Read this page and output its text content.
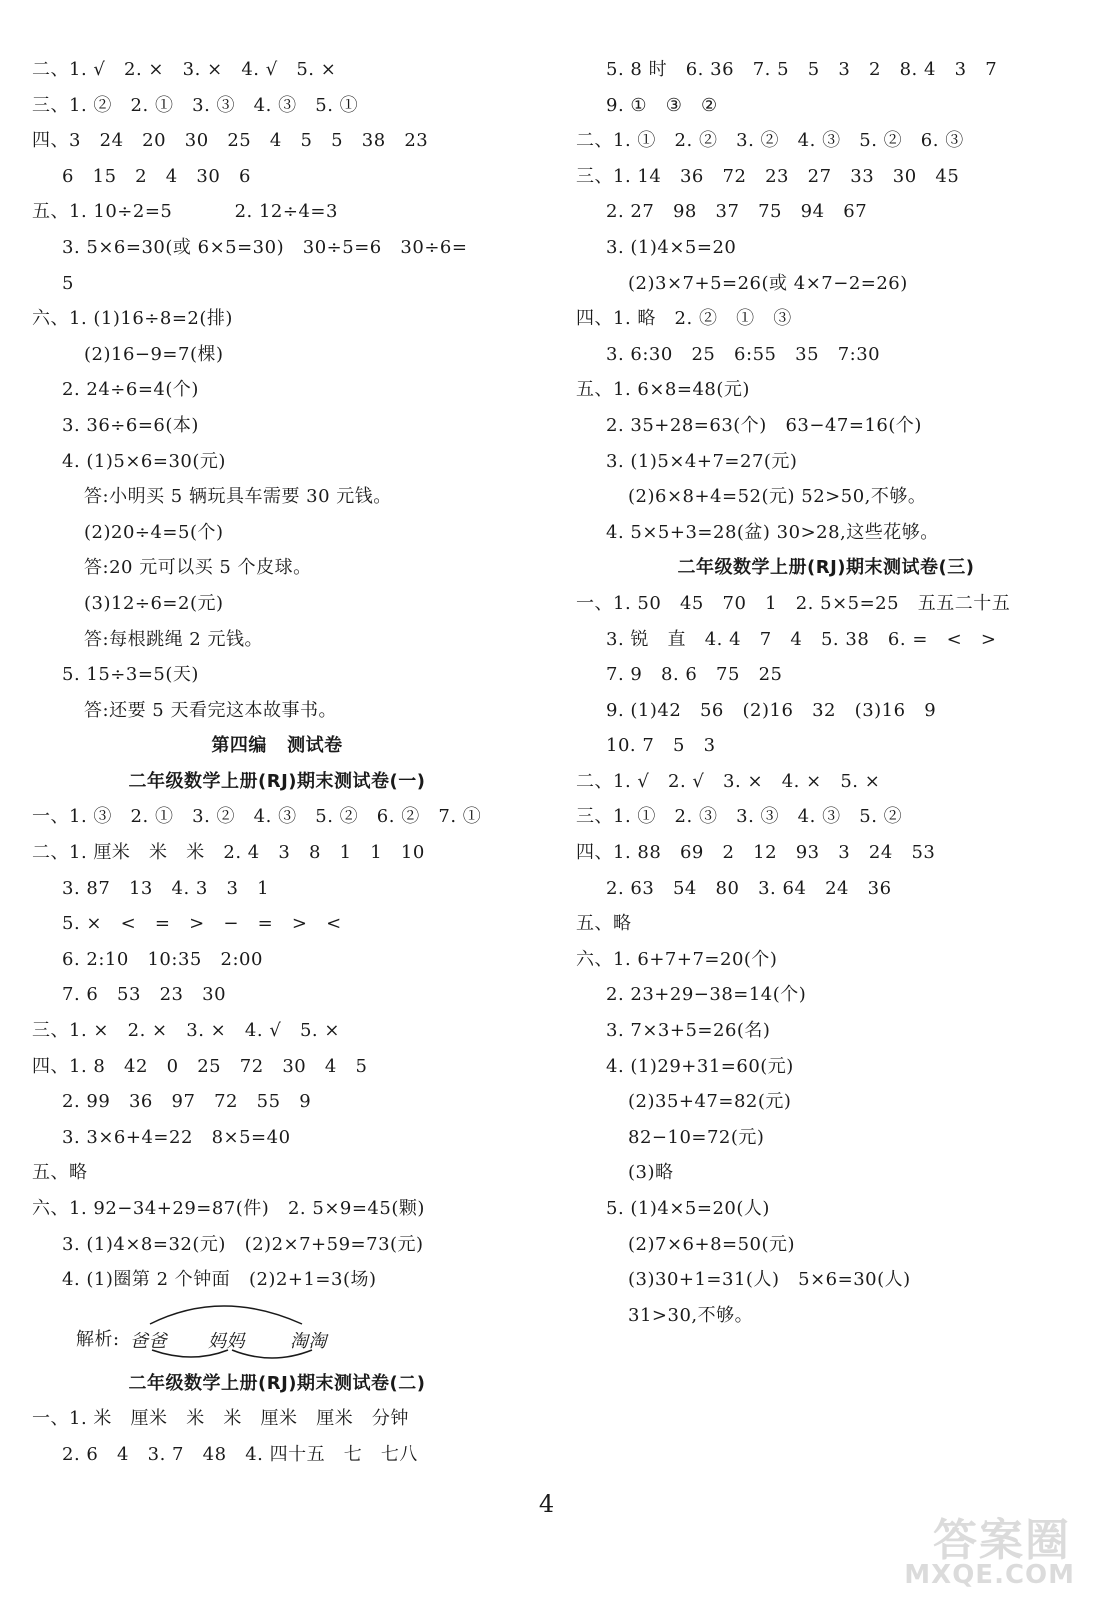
二、1. √   2. ×   3. ×   4. √   5. ×
三、1. ②   2. ①   3. ③   4. ③   5. ①
四、3   24   20   30   25   4   5   5   38   23
6   15   2   4   30   6
五、1. 10÷2=5          2. 12÷4=3
3. 5×6=30(或 6×5=30)   30÷5=6   30÷6=
5
六、1. (1)16÷8=2(排)
(2)16−9=7(棵)
2. 24÷6=4(个)
3. 36÷6=6(本)
4. (1)5×6=30(元)
答:小明买 5 辆玩具车需要 30 元钱。
(2)20÷4=5(个)
答:20 元可以买 5 个皮球。
(3)12÷6=2(元)
答:每根跳绳 2 元钱。
5. 15÷3=5(天)
答:还要 5 天看完这本故事书。
第四编   测试卷
二年级数学上册(RJ)期末测试卷(一)
一、1. ③   2. ①   3. ②   4. ③   5. ②   6. ②   7. ①
二、1. 厘米   米   米   2. 4   3   8   1   1   10
3. 87   13   4. 3   3   1
5. ×   <   =   >   −   =   >   <
6. 2:10   10:35   2:00
7. 6   53   23   30
三、1. ×   2. ×   3. ×   4. √   5. ×
四、1. 8   42   0   25   72   30   4   5
2. 99   36   97   72   55   9
3. 3×6+4=22   8×5=40
五、略
六、1. 92−34+29=87(件)   2. 5×9=45(颗)
3. (1)4×8=32(元)   (2)2×7+59=73(元)
4. (1)圈第 2 个钟面   (2)2+1=3(场)
解析: 爸爸 妈妈	淘淘
二年级数学上册(RJ)期末测试卷(二)
一、1. 米   厘米   米   米   厘米   厘米   分钟
2. 6   4   3. 7   48   4. 四十五   七   七八
5. 8 时   6. 36   7. 5   5   3   2   8. 4   3   7
9. ①   ③   ②
二、1. ①   2. ②   3. ②   4. ③   5. ②   6. ③
三、1. 14   36   72   23   27   33   30   45
2. 27   98   37   75   94   67
3. (1)4×5=20
(2)3×7+5=26(或 4×7−2=26)
四、1. 略   2. ②   ①   ③
3. 6:30   25   6:55   35   7:30
五、1. 6×8=48(元)
2. 35+28=63(个)   63−47=16(个)
3. (1)5×4+7=27(元)
(2)6×8+4=52(元) 52>50,不够。
4. 5×5+3=28(盆) 30>28,这些花够。
二年级数学上册(RJ)期末测试卷(三)
一、1. 50   45   70   1   2. 5×5=25   五五二十五
3. 锐   直   4. 4   7   4   5. 38   6. =   <   >
7. 9   8. 6   75   25
9. (1)42   56   (2)16   32   (3)16   9
10. 7   5   3
二、1. √   2. √   3. ×   4. ×   5. ×
三、1. ①   2. ③   3. ③   4. ③   5. ②
四、1. 88   69   2   12   93   3   24   53
2. 63   54   80   3. 64   24   36
五、略
六、1. 6+7+7=20(个)
2. 23+29−38=14(个)
3. 7×3+5=26(名)
4. (1)29+31=60(元)
(2)35+47=82(元)
82−10=72(元)
(3)略
5. (1)4×5=20(人)
(2)7×6+8=50(元)
(3)30+1=31(人)   5×6=30(人)
31>30,不够。
4
答案圈
MXQE.COM
